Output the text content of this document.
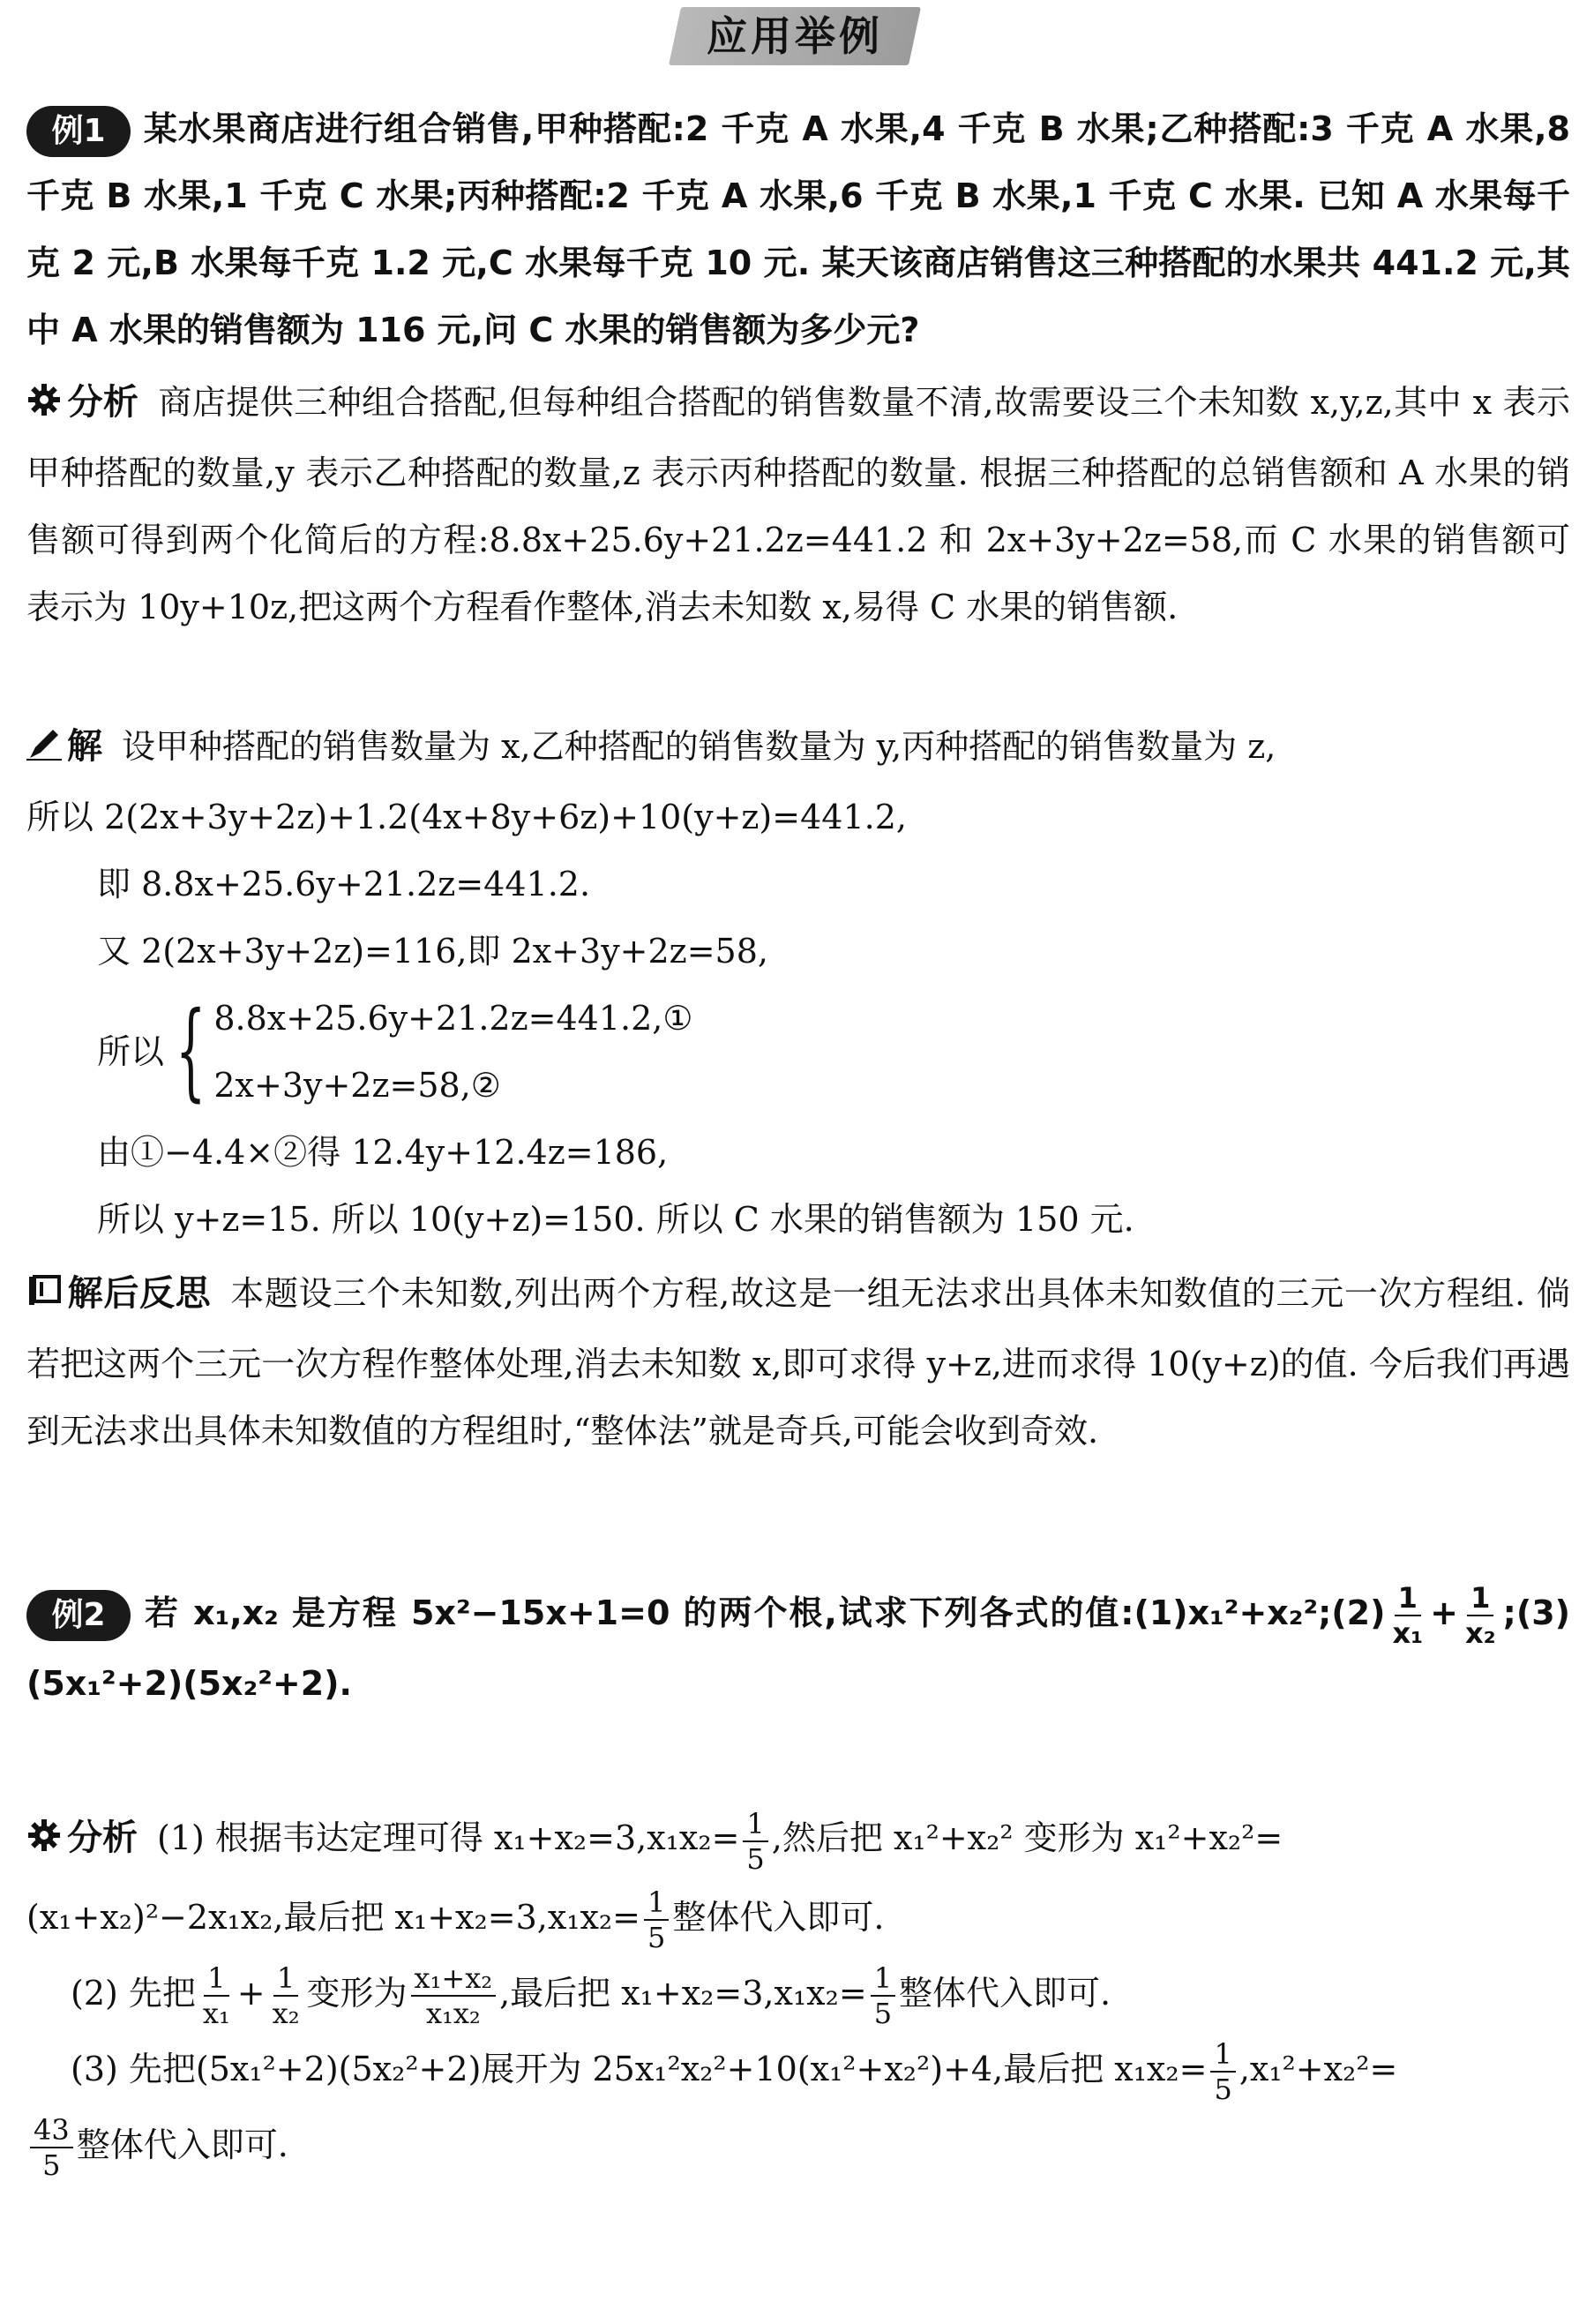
应用举例
例1 某水果商店进行组合销售,甲种搭配:2 千克 A 水果,4 千克 B 水果;乙种搭配:3 千克 A 水果,8 千克 B 水果,1 千克 C 水果;丙种搭配:2 千克 A 水果,6 千克 B 水果,1 千克 C 水果. 已知 A 水果每千克 2 元,B 水果每千克 1.2 元,C 水果每千克 10 元. 某天该商店销售这三种搭配的水果共 441.2 元,其中 A 水果的销售额为 116 元,问 C 水果的销售额为多少元?
分析 商店提供三种组合搭配,但每种组合搭配的销售数量不清,故需要设三个未知数 x,y,z,其中 x 表示甲种搭配的数量,y 表示乙种搭配的数量,z 表示丙种搭配的数量. 根据三种搭配的总销售额和 A 水果的销售额可得到两个化简后的方程:8.8x+25.6y+21.2z=441.2 和 2x+3y+2z=58,而 C 水果的销售额可表示为 10y+10z,把这两个方程看作整体,消去未知数 x,易得 C 水果的销售额.

解 设甲种搭配的销售数量为 x,乙种搭配的销售数量为 y,丙种搭配的销售数量为 z,

所以 2(2x+3y+2z)+1.2(4x+8y+6z)+10(y+z)=441.2,

即 8.8x+25.6y+21.2z=441.2.

又 2(2x+3y+2z)=116,即 2x+3y+2z=58,

所以 { 8.8x+25.6y+21.2z=441.2,①

2x+3y+2z=58,②

由①−4.4×②得 12.4y+12.4z=186,

所以 y+z=15. 所以 10(y+z)=150. 所以 C 水果的销售额为 150 元.

解后反思 本题设三个未知数,列出两个方程,故这是一组无法求出具体未知数值的三元一次方程组. 倘若把这两个三元一次方程作整体处理,消去未知数 x,即可求得 y+z,进而求得 10(y+z)的值. 今后我们再遇到无法求出具体未知数值的方程组时,“整体法”就是奇兵,可能会收到奇效.
例2 若 x₁,x₂ 是方程 5x²−15x+1=0 的两个根,试求下列各式的值:(1)x₁²+x₂²;(2) $\frac{1}{\text{x₁}} + \frac{1}{\text{x₂}}$ ;(3)(5x₁²+2)(5x₂²+2).

分析 (1) 根据韦达定理可得 $x_1+x_2=3,x_1x_2= \frac{1}{5}$ ,然后把 x₁²+x₂² 变形为 x₁²+x₂²=

(x₁+x₂)²−2x₁x₂,最后把 $x_1+x_2=3,x_1x_2= \frac{1}{5}$ 整体代入即可.

(2) 先把 $\frac{1}{\text{x₁}} + \frac{1}{\text{x₂}}$ 变形为 $\frac{\text{x₁+x₂}}{\text{x₁x₂}}$ ,最后把 $x_1+x_2=3,x_1x_2= \frac{1}{5}$ 整体代入即可.

(3) 先把(5x₁²+2)(5x₂²+2)展开为 25x₁²x₂²+10(x₁²+x₂²)+4,最后把 $x_1x_2= \frac{1}{5} ,x_1^2+x_2^2=$

$\frac{43}{5}$ 整体代入即可.
